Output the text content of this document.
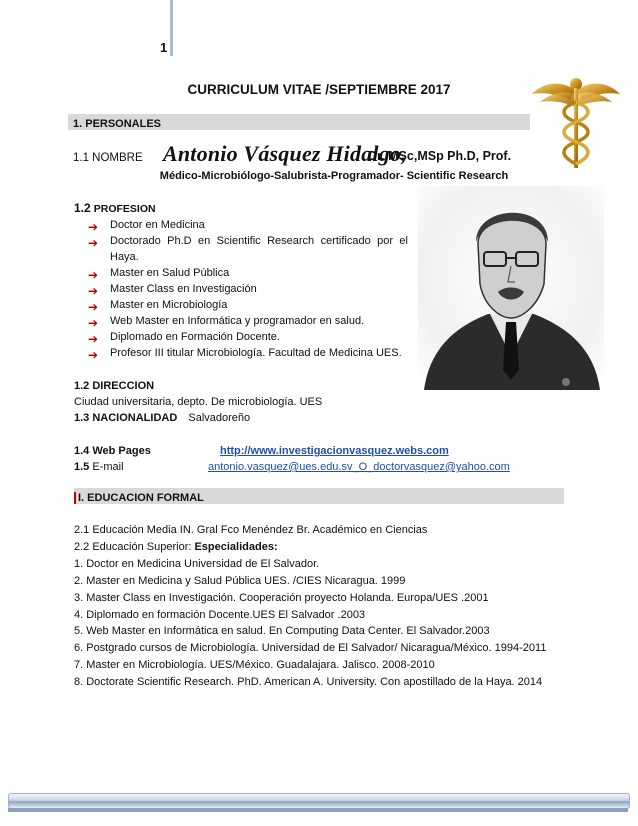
1
CURRICULUM VITAE /SEPTIEMBRE 2017
1. PERSONALES
1.1 NOMBRE Antonio Vásquez Hidalgo,
Dr.,MSc,MSp Ph.D, Prof.
Médico-Microbiólogo-Salubrista-Programador- Scientific Research
1.2 PROFESION
➔ Doctor en Medicina
➔ Doctorado Ph.D en Scientific Research certificado por el Haya.
➔ Master en Salud Pública
➔ Master Class en Investigación
➔ Master en Microbiología
➔ Web Master en Informática y programador en salud.
➔ Diplomado en Formación Docente.
➔ Profesor III titular Microbiología. Facultad de Medicina UES.
1.2 DIRECCION
Ciudad universitaria, depto. De microbiología. UES
1.3 NACIONALIDAD Salvadoreño
1.4 Web Pages	http://www.investigacionvasquez.webs.com
1.5 E-mail	antonio.vasquez@ues.edu.sv_O_doctorvasquez@yahoo.com
I. EDUCACION FORMAL
2.1 Educación Media IN. Gral Fco Menéndez Br. Académico en Ciencias
2.2 Educación Superior: Especialidades:
1. Doctor en Medicina Universidad de El Salvador.
2. Master en Medicina y Salud Pública UES. /CIES Nicaragua. 1999
3. Master Class en Investigación. Cooperación proyecto Holanda. Europa/UES .2001
4. Diplomado en formación Docente.UES El Salvador .2003
5. Web Master en Informática en salud. En Computing Data Center. El Salvador.2003
6. Postgrado cursos de Microbiología. Universidad de El Salvador/ Nicaragua/México. 1994-2011
7. Master en Microbiología. UES/México. Guadalajara. Jalisco. 2008-2010
8. Doctorate Scientific Research. PhD. American A. University. Con apostillado de la Haya. 2014
